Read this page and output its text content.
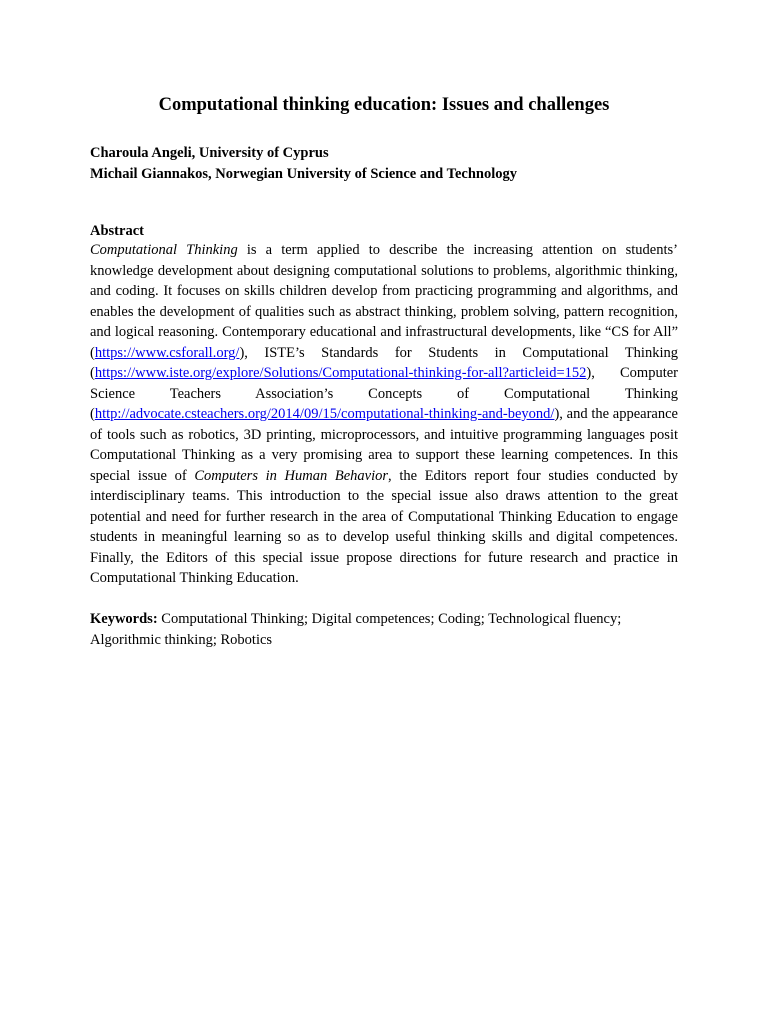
Computational thinking education: Issues and challenges
Charoula Angeli, University of Cyprus
Michail Giannakos, Norwegian University of Science and Technology
Abstract

Computational Thinking is a term applied to describe the increasing attention on students’ knowledge development about designing computational solutions to problems, algorithmic thinking, and coding. It focuses on skills children develop from practicing programming and algorithms, and enables the development of qualities such as abstract thinking, problem solving, pattern recognition, and logical reasoning. Contemporary educational and infrastructural developments, like “CS for All” (https://www.csforall.org/), ISTE’s Standards for Students in Computational Thinking (https://www.iste.org/explore/Solutions/Computational-thinking-for-all?articleid=152), Computer Science Teachers Association’s Concepts of Computational Thinking (http://advocate.csteachers.org/2014/09/15/computational-thinking-and-beyond/), and the appearance of tools such as robotics, 3D printing, microprocessors, and intuitive programming languages posit Computational Thinking as a very promising area to support these learning competences. In this special issue of Computers in Human Behavior, the Editors report four studies conducted by interdisciplinary teams. This introduction to the special issue also draws attention to the great potential and need for further research in the area of Computational Thinking Education to engage students in meaningful learning so as to develop useful thinking skills and digital competences. Finally, the Editors of this special issue propose directions for future research and practice in Computational Thinking Education.

Keywords: Computational Thinking; Digital competences; Coding; Technological fluency; Algorithmic thinking; Robotics
